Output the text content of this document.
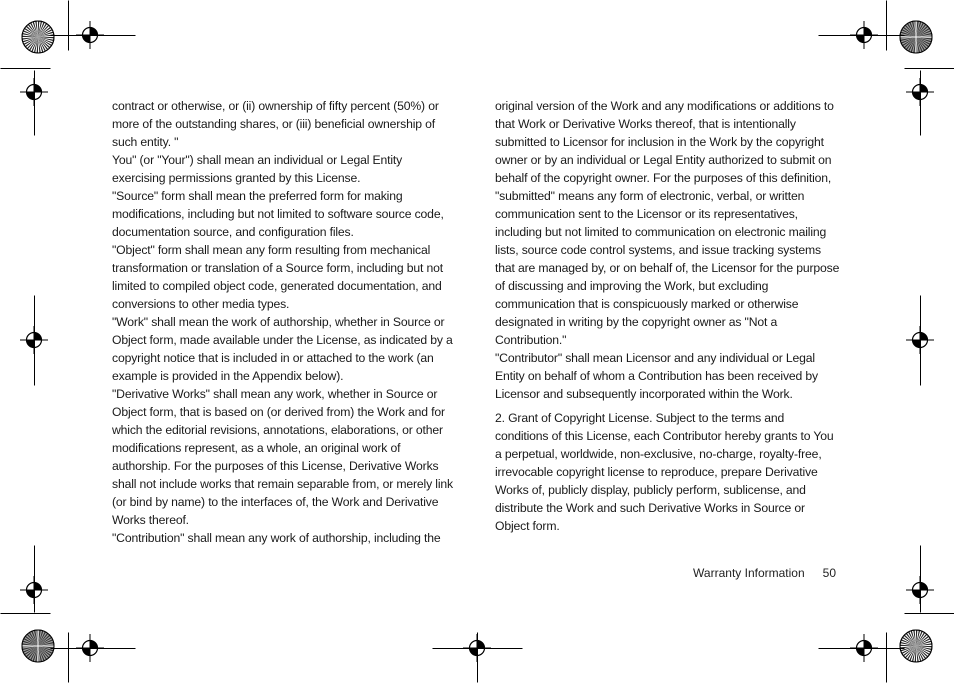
contract or otherwise, or (ii) ownership of fifty percent (50%) or more of the outstanding shares, or (iii) beneficial ownership of such entity. "

You" (or "Your") shall mean an individual or Legal Entity exercising permissions granted by this License.

"Source" form shall mean the preferred form for making modifications, including but not limited to software source code, documentation source, and configuration files.

"Object" form shall mean any form resulting from mechanical transformation or translation of a Source form, including but not limited to compiled object code, generated documentation, and conversions to other media types.

"Work" shall mean the work of authorship, whether in Source or Object form, made available under the License, as indicated by a copyright notice that is included in or attached to the work (an example is provided in the Appendix below).

"Derivative Works" shall mean any work, whether in Source or Object form, that is based on (or derived from) the Work and for which the editorial revisions, annotations, elaborations, or other modifications represent, as a whole, an original work of authorship. For the purposes of this License, Derivative Works shall not include works that remain separable from, or merely link (or bind by name) to the interfaces of, the Work and Derivative Works thereof.

"Contribution" shall mean any work of authorship, including the

original version of the Work and any modifications or additions to that Work or Derivative Works thereof, that is intentionally submitted to Licensor for inclusion in the Work by the copyright owner or by an individual or Legal Entity authorized to submit on behalf of the copyright owner. For the purposes of this definition, "submitted" means any form of electronic, verbal, or written communication sent to the Licensor or its representatives, including but not limited to communication on electronic mailing lists, source code control systems, and issue tracking systems that are managed by, or on behalf of, the Licensor for the purpose of discussing and improving the Work, but excluding communication that is conspicuously marked or otherwise designated in writing by the copyright owner as "Not a Contribution."

"Contributor" shall mean Licensor and any individual or Legal Entity on behalf of whom a Contribution has been received by Licensor and subsequently incorporated within the Work.

2. Grant of Copyright License. Subject to the terms and conditions of this License, each Contributor hereby grants to You a perpetual, worldwide, non-exclusive, no-charge, royalty-free, irrevocable copyright license to reproduce, prepare Derivative Works of, publicly display, publicly perform, sublicense, and distribute the Work and such Derivative Works in Source or Object form.

Warranty Information 50
